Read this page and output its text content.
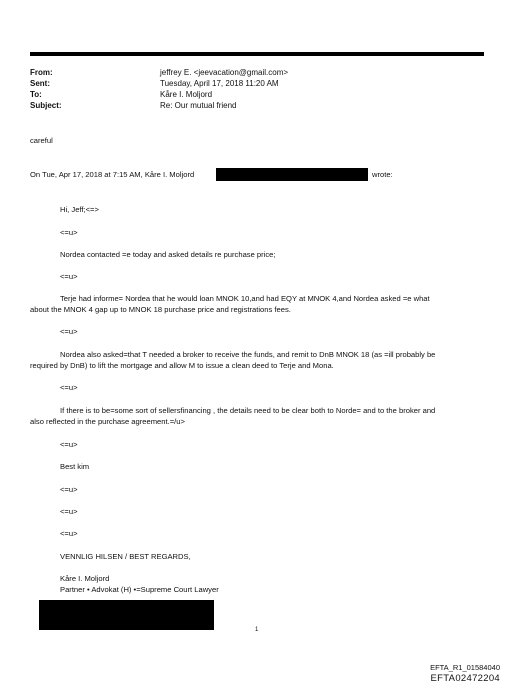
From:	jeffrey E. <jeevacation@gmail.com>
Sent:	Tuesday, April 17, 2018 11:20 AM
To:	Kåre I. Moljord
Subject:	Re: Our mutual friend
careful
On Tue, Apr 17, 2018 at 7:15 AM, Kåre I. Moljord	wrote:
Hi, Jeff;<=>
<=u>
Nordea contacted =e today and asked details re purchase price;
<=u>
Terje had informe= Nordea that he would loan MNOK 10,and had EQY at MNOK 4,and Nordea asked =e what
about the MNOK 4 gap up to MNOK 18 purchase price and registrations fees.
<=u>
Nordea also asked=that T needed a broker to receive the funds, and remit to DnB MNOK 18 (as =ill probably be
required by DnB) to lift the mortgage and allow M to issue a clean deed to Terje and Mona.
<=u>
If there is to be=some sort of sellersfinancing , the details need to be clear both to Norde= and to the broker and
also reflected in the purchase agreement.=/u>
<=u>
Best kim
<=u>
<=u>
<=u>
VENNLIG HILSEN / BEST REGARDS,
Kåre I. Moljord
Partner • Advokat (H) •=Supreme Court Lawyer
1
EFTA_R1_01584040
EFTA02472204
